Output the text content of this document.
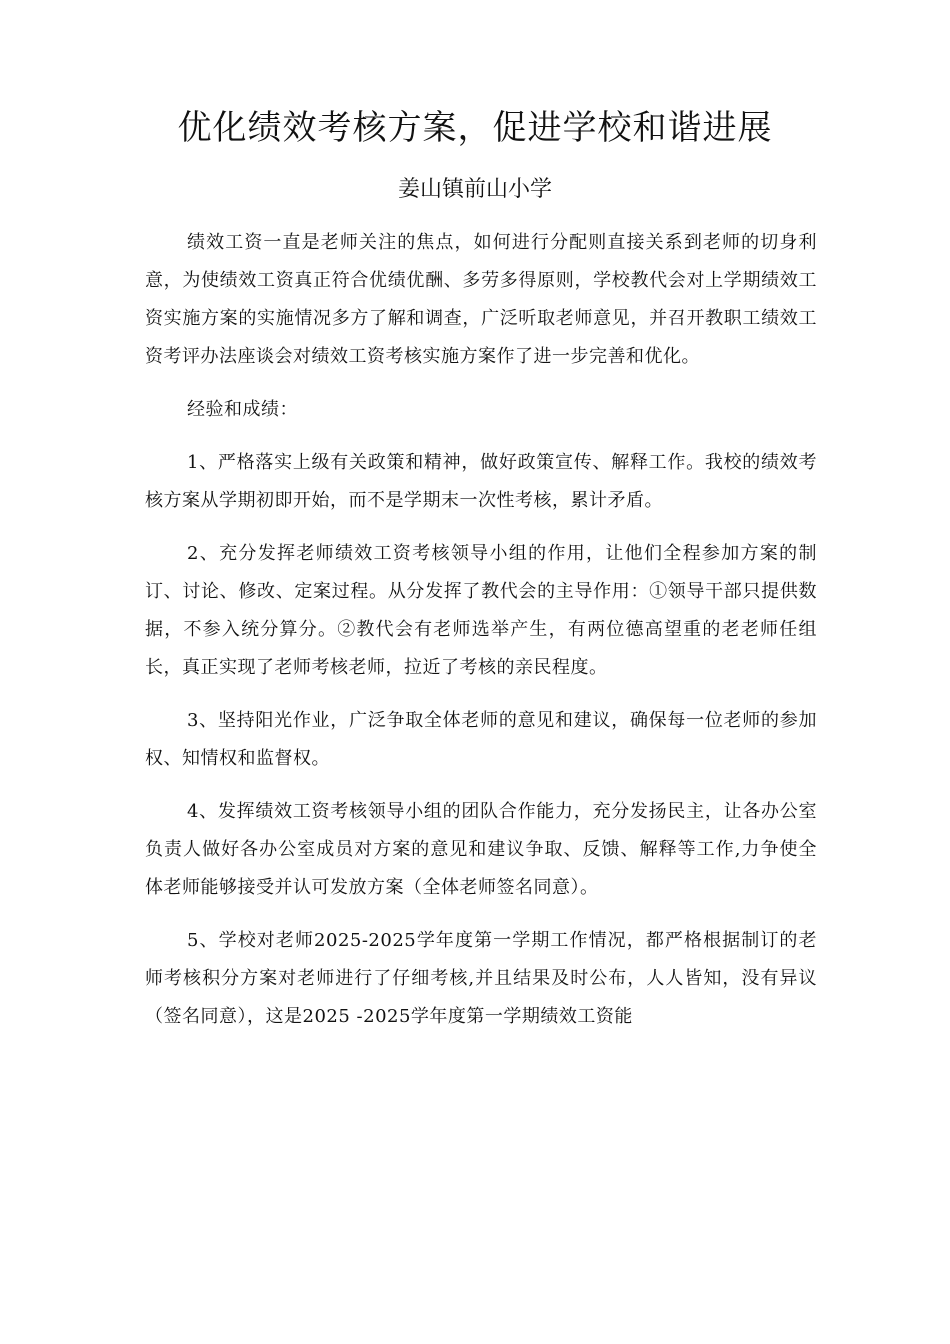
优化绩效考核方案，促进学校和谐进展
姜山镇前山小学

绩效工资一直是老师关注的焦点，如何进行分配则直接关系到老师的切身利意，为使绩效工资真正符合优绩优酬、多劳多得原则，学校教代会对上学期绩效工资实施方案的实施情况多方了解和调查，广泛听取老师意见，并召开教职工绩效工资考评办法座谈会对绩效工资考核实施方案作了进一步完善和优化。

经验和成绩：

1、严格落实上级有关政策和精神，做好政策宣传、解释工作。我校的绩效考核方案从学期初即开始，而不是学期末一次性考核，累计矛盾。

2、充分发挥老师绩效工资考核领导小组的作用，让他们全程参加方案的制订、讨论、修改、定案过程。从分发挥了教代会的主导作用：①领导干部只提供数据，不参入统分算分。②教代会有老师选举产生，有两位德高望重的老老师任组长，真正实现了老师考核老师，拉近了考核的亲民程度。

3、坚持阳光作业，广泛争取全体老师的意见和建议，确保每一位老师的参加权、知情权和监督权。

4、发挥绩效工资考核领导小组的团队合作能力，充分发扬民主，让各办公室负责人做好各办公室成员对方案的意见和建议争取、反馈、解释等工作,力争使全体老师能够接受并认可发放方案（全体老师签名同意）。

5、学校对老师2025-2025学年度第一学期工作情况，都严格根据制订的老师考核积分方案对老师进行了仔细考核,并且结果及时公布，人人皆知，没有异议（签名同意），这是2025 -2025学年度第一学期绩效工资能
